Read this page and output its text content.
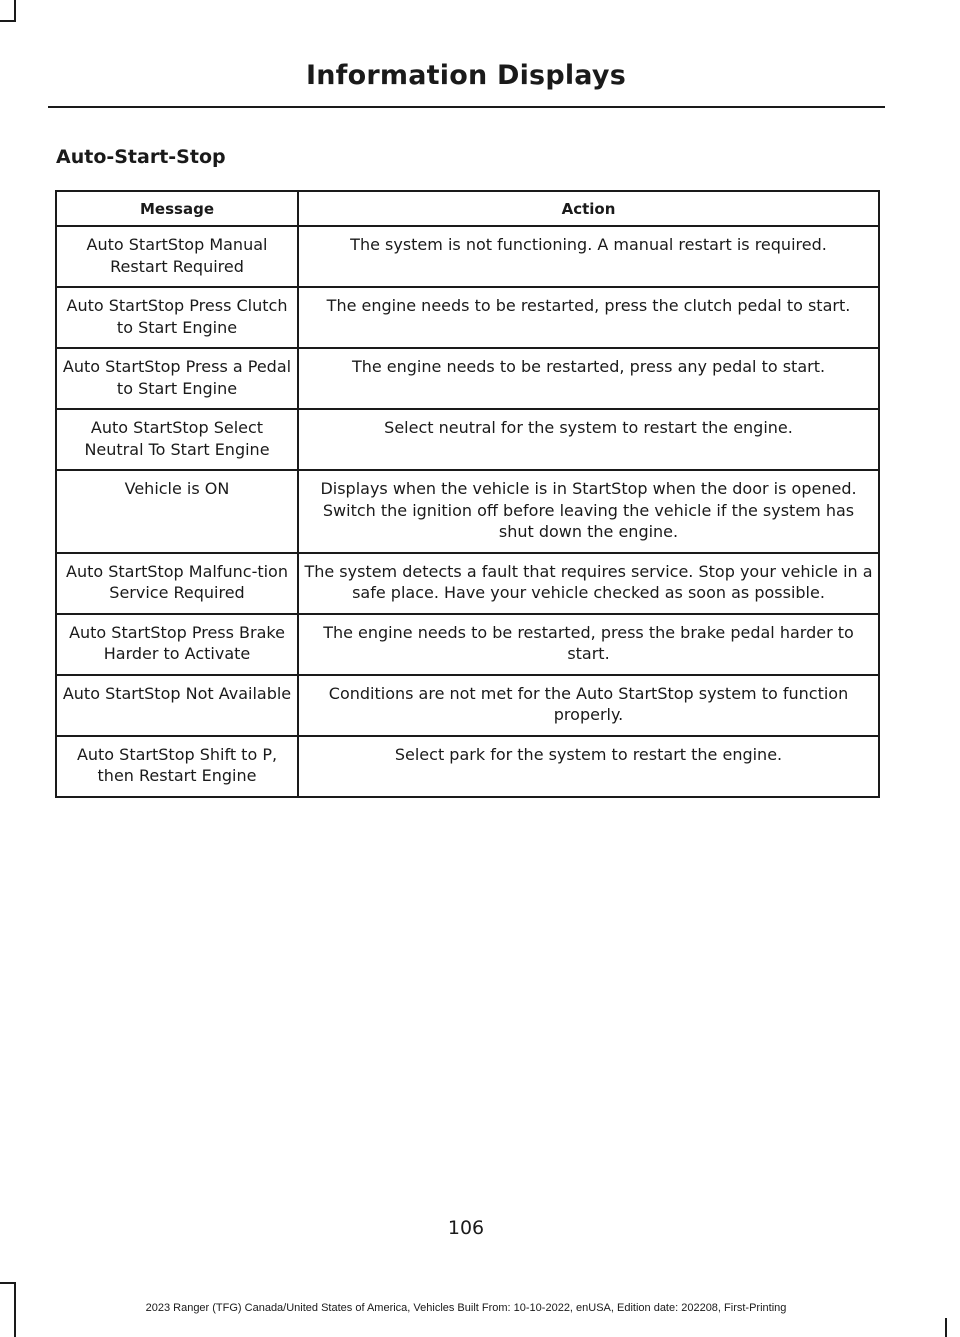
Information Displays
Auto-Start-Stop
Message	Action
Auto StartStop Manual Restart Required	The system is not functioning. A manual restart is required.
Auto StartStop Press Clutch to Start Engine	The engine needs to be restarted, press the clutch pedal to start.
Auto StartStop Press a Pedal to Start Engine	The engine needs to be restarted, press any pedal to start.
Auto StartStop Select Neutral To Start Engine	Select neutral for the system to restart the engine.
Vehicle is ON	Displays when the vehicle is in StartStop when the door is opened. Switch the ignition off before leaving the vehicle if the system has shut down the engine.
Auto StartStop Malfunc-tion Service Required	The system detects a fault that requires service. Stop your vehicle in a safe place. Have your vehicle checked as soon as possible.
Auto StartStop Press Brake Harder to Activate	The engine needs to be restarted, press the brake pedal harder to start.
Auto StartStop Not Available	Conditions are not met for the Auto StartStop system to function properly.
Auto StartStop Shift to P, then Restart Engine	Select park for the system to restart the engine.
106
2023 Ranger (TFG) Canada/United States of America, Vehicles Built From: 10-10-2022, enUSA, Edition date: 202208, First-Printing
